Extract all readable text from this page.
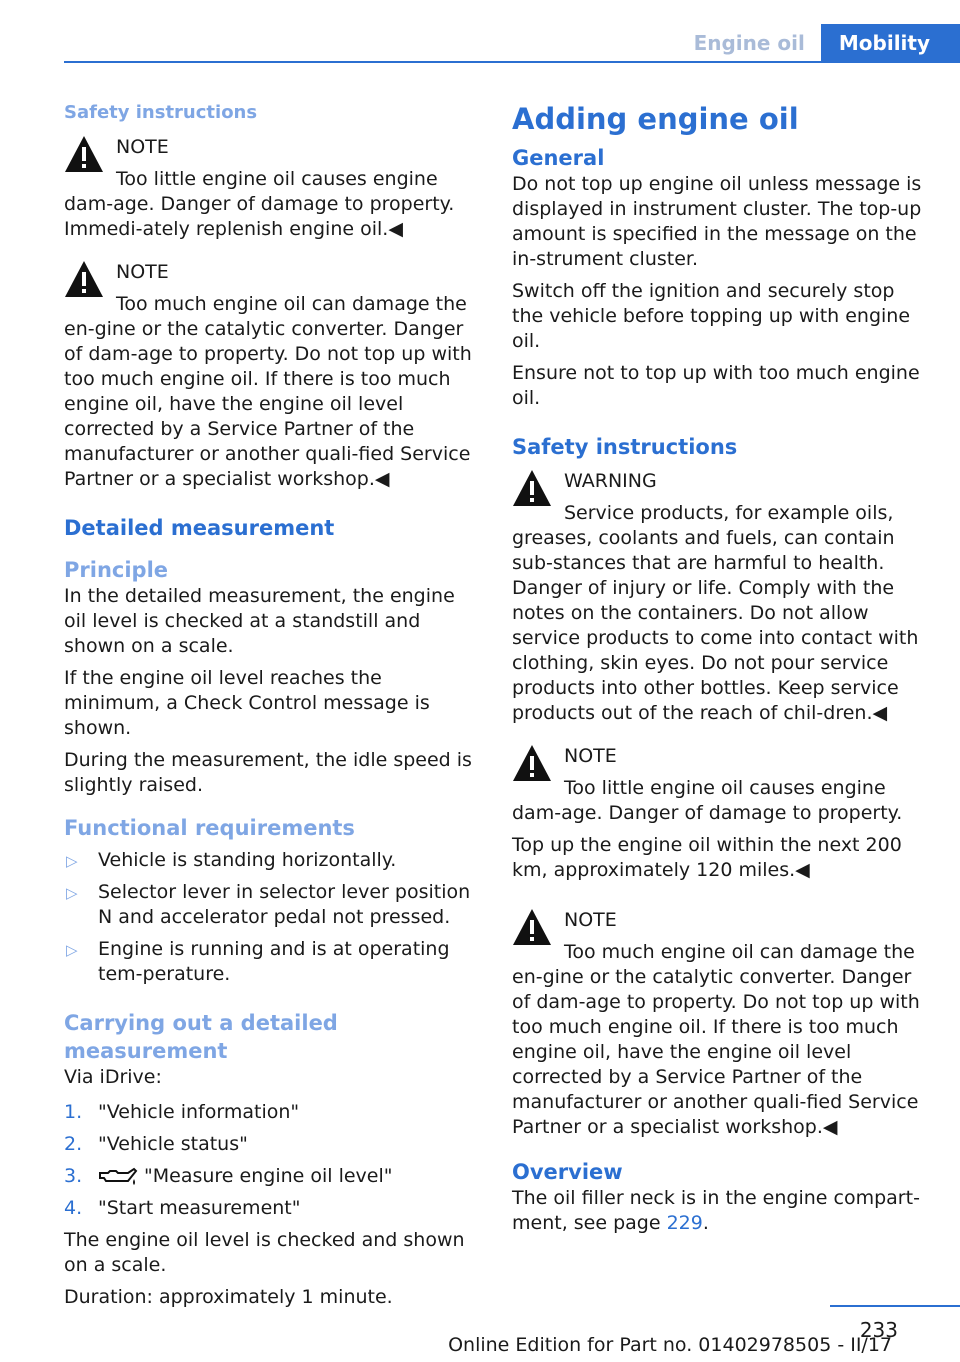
Engine oil	Mobility
Safety instructions
NOTE
Too little engine oil causes engine dam‐age. Danger of damage to property. Immedi‐ately replenish engine oil.◀
NOTE
Too much engine oil can damage the en‐gine or the catalytic converter. Danger of dam‐age to property. Do not top up with too much engine oil. If there is too much engine oil, have the engine oil level corrected by a Service Partner of the manufacturer or another quali‐fied Service Partner or a specialist workshop.◀
Detailed measurement
Principle

In the detailed measurement, the engine oil level is checked at a standstill and shown on a scale.

If the engine oil level reaches the minimum, a Check Control message is shown.

During the measurement, the idle speed is slightly raised.

Functional requirements
▷ Vehicle is standing horizontally.
▷ Selector lever in selector lever position N and accelerator pedal not pressed.
▷ Engine is running and is at operating tem‐perature.
Carrying out a detailed measurement

Via iDrive:

1. "Vehicle information"
2. "Vehicle status"
3.	"Measure engine oil level"
4. "Start measurement"

The engine oil level is checked and shown on a scale.

Duration: approximately 1 minute.

Adding engine oil
General

Do not top up engine oil unless message is displayed in instrument cluster. The top-up amount is specified in the message on the in‐strument cluster.

Switch off the ignition and securely stop the vehicle before topping up with engine oil.

Ensure not to top up with too much engine oil.

Safety instructions
WARNING
Service products, for example oils, greases, coolants and fuels, can contain sub‐stances that are harmful to health. Danger of injury or life. Comply with the notes on the containers. Do not allow service products to come into contact with clothing, skin eyes. Do not pour service products into other bottles. Keep service products out of the reach of chil‐dren.◀
NOTE
Too little engine oil causes engine dam‐age. Danger of damage to property.

Top up the engine oil within the next 200 km, approximately 120 miles.◀

NOTE
Too much engine oil can damage the en‐gine or the catalytic converter. Danger of dam‐age to property. Do not top up with too much engine oil. If there is too much engine oil, have the engine oil level corrected by a Service Partner of the manufacturer or another quali‐fied Service Partner or a specialist workshop.◀
Overview

The oil filler neck is in the engine compart‐ment, see page 229.

233
Online Edition for Part no. 01402978505 - II/17
